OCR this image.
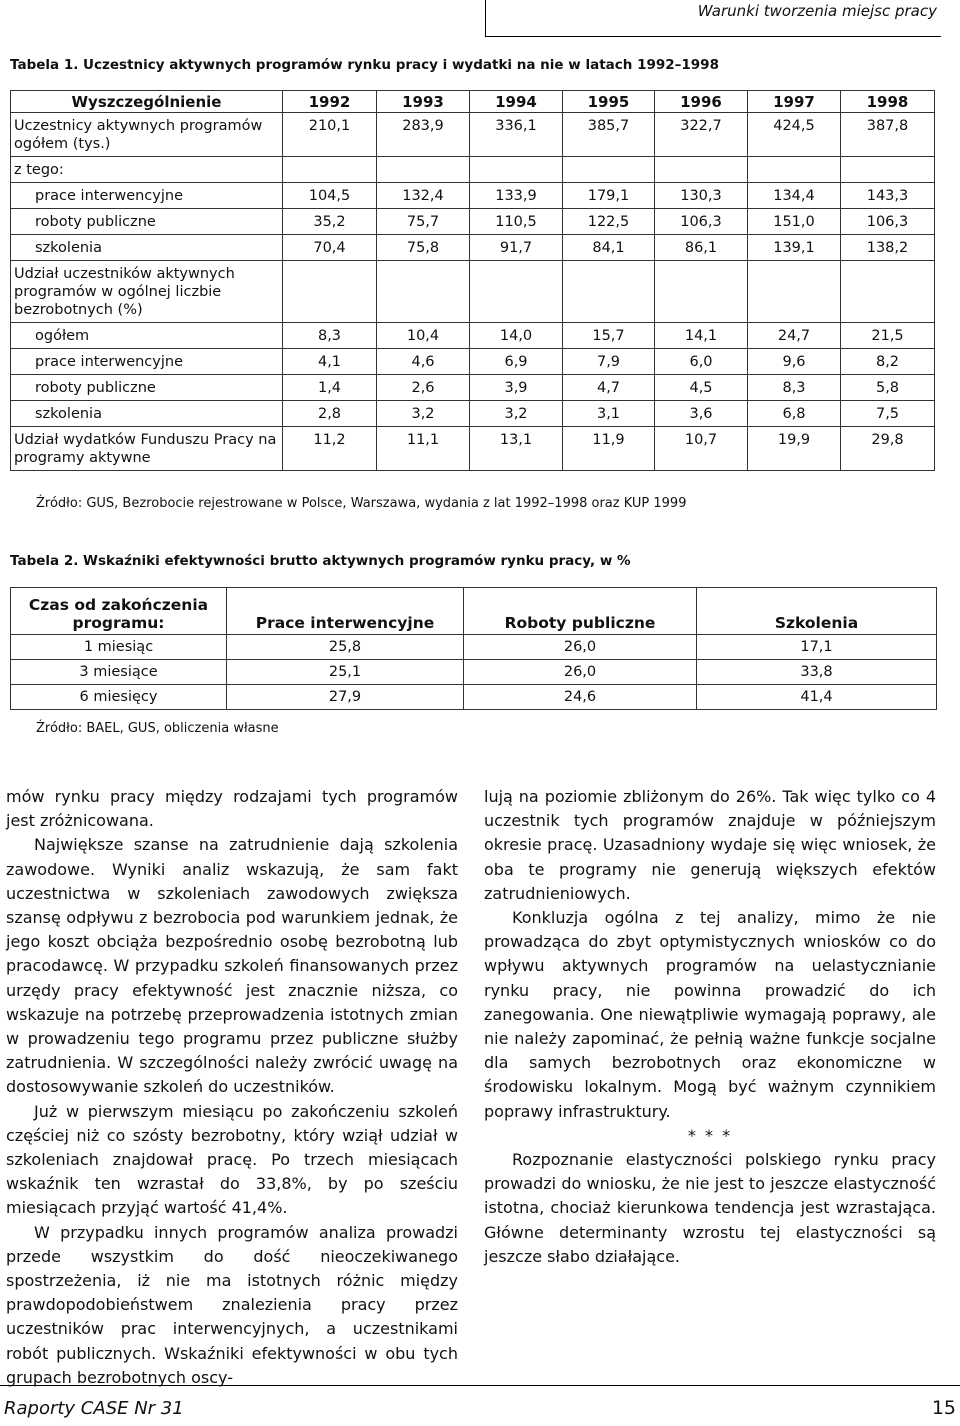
Warunki tworzenia miejsc pracy
Tabela 1. Uczestnicy aktywnych programów rynku pracy i wydatki na nie w latach 1992–1998
Wyszczególnienie	1992	1993	1994	1995	1996	1997	1998
Uczestnicy aktywnych programów ogółem (tys.)	210,1	283,9	336,1	385,7	322,7	424,5	387,8
z tego:							
prace interwencyjne	104,5	132,4	133,9	179,1	130,3	134,4	143,3
roboty publiczne	35,2	75,7	110,5	122,5	106,3	151,0	106,3
szkolenia	70,4	75,8	91,7	84,1	86,1	139,1	138,2
Udział uczestników aktywnych programów w ogólnej liczbie bezrobotnych (%)							
ogółem	8,3	10,4	14,0	15,7	14,1	24,7	21,5
prace interwencyjne	4,1	4,6	6,9	7,9	6,0	9,6	8,2
roboty publiczne	1,4	2,6	3,9	4,7	4,5	8,3	5,8
szkolenia	2,8	3,2	3,2	3,1	3,6	6,8	7,5
Udział wydatków Funduszu Pracy na programy aktywne	11,2	11,1	13,1	11,9	10,7	19,9	29,8
Źródło: GUS, Bezrobocie rejestrowane w Polsce, Warszawa, wydania z lat 1992–1998 oraz KUP 1999
Tabela 2. Wskaźniki efektywności brutto aktywnych programów rynku pracy, w %
Czas od zakończenia programu:	Prace interwencyjne	Roboty publiczne	Szkolenia
1 miesiąc	25,8	26,0	17,1
3 miesiące	25,1	26,0	33,8
6 miesięcy	27,9	24,6	41,4
Źródło: BAEL, GUS, obliczenia własne

mów rynku pracy między rodzajami tych programów jest zróżnicowana.

Największe szanse na zatrudnienie dają szkolenia zawodowe. Wyniki analiz wskazują, że sam fakt uczestnictwa w szkoleniach zawodowych zwiększa szansę odpływu z bezrobocia pod warunkiem jednak, że jego koszt obciąża bezpośrednio osobę bezrobotną lub pracodawcę. W przypadku szkoleń finansowanych przez urzędy pracy efektywność jest znacznie niższa, co wskazuje na potrzebę przeprowadzenia istotnych zmian w prowadzeniu tego programu przez publiczne służby zatrudnienia. W szczególności należy zwrócić uwagę na dostosowywanie szkoleń do uczestników.

Już w pierwszym miesiącu po zakończeniu szkoleń częściej niż co szósty bezrobotny, który wziął udział w szkoleniach znajdował pracę. Po trzech miesiącach wskaźnik ten wzrastał do 33,8%, by po sześciu miesiącach przyjąć wartość 41,4%.

W przypadku innych programów analiza prowadzi przede wszystkim do dość nieoczekiwanego spostrzeżenia, iż nie ma istotnych różnic między prawdopodobieństwem znalezienia pracy przez uczestników prac interwencyjnych, a uczestnikami robót publicznych. Wskaźniki efektywności w obu tych grupach bezrobotnych oscy-

lują na poziomie zbliżonym do 26%. Tak więc tylko co 4 uczestnik tych programów znajduje w późniejszym okresie pracę. Uzasadniony wydaje się więc wniosek, że oba te programy nie generują większych efektów zatrudnieniowych.

Konkluzja ogólna z tej analizy, mimo że nie prowadząca do zbyt optymistycznych wniosków co do wpływu aktywnych programów na uelastycznianie rynku pracy, nie powinna prowadzić do ich zanegowania. One niewątpliwie wymagają poprawy, ale nie należy zapominać, że pełnią ważne funkcje socjalne dla samych bezrobotnych oraz ekonomiczne w środowisku lokalnym. Mogą być ważnym czynnikiem poprawy infrastruktury.

* * *

Rozpoznanie elastyczności polskiego rynku pracy prowadzi do wniosku, że nie jest to jeszcze elastyczność istotna, chociaż kierunkowa tendencja jest wzrastająca. Główne determinanty wzrostu tej elastyczności są jeszcze słabo działające.

Raporty CASE Nr 31	15
